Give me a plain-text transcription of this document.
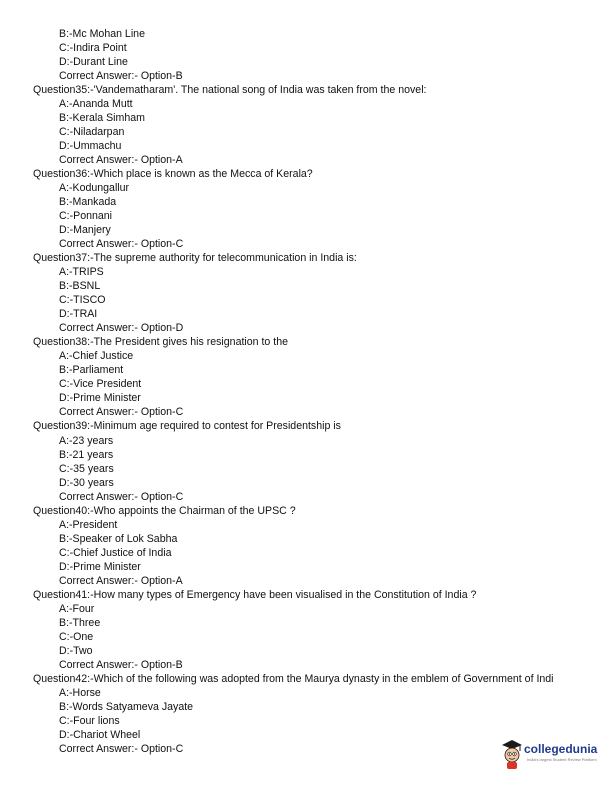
B:-Mc Mohan Line
C:-Indira Point
D:-Durant Line
Correct Answer:- Option-B
Question35:-'Vandematharam'. The national song of India was taken from the novel:
A:-Ananda Mutt
B:-Kerala Simham
C:-Niladarpan
D:-Ummachu
Correct Answer:- Option-A
Question36:-Which place is known as the Mecca of Kerala?
A:-Kodungallur
B:-Mankada
C:-Ponnani
D:-Manjery
Correct Answer:- Option-C
Question37:-The supreme authority for telecommunication in India is:
A:-TRIPS
B:-BSNL
C:-TISCO
D:-TRAI
Correct Answer:- Option-D
Question38:-The President gives his resignation to the
A:-Chief Justice
B:-Parliament
C:-Vice President
D:-Prime Minister
Correct Answer:- Option-C
Question39:-Minimum age required to contest for Presidentship is
A:-23 years
B:-21 years
C:-35 years
D:-30 years
Correct Answer:- Option-C
Question40:-Who appoints the Chairman of the UPSC ?
A:-President
B:-Speaker of Lok Sabha
C:-Chief Justice of India
D:-Prime Minister
Correct Answer:- Option-A
Question41:-How many types of Emergency have been visualised in the Constitution of India ?
A:-Four
B:-Three
C:-One
D:-Two
Correct Answer:- Option-B
Question42:-Which of the following was adopted from the Maurya dynasty in the emblem of Government of Indi
A:-Horse
B:-Words Satyameva Jayate
C:-Four lions
D:-Chariot Wheel
Correct Answer:- Option-C	collegedunia
India's largest Student Review Platform
